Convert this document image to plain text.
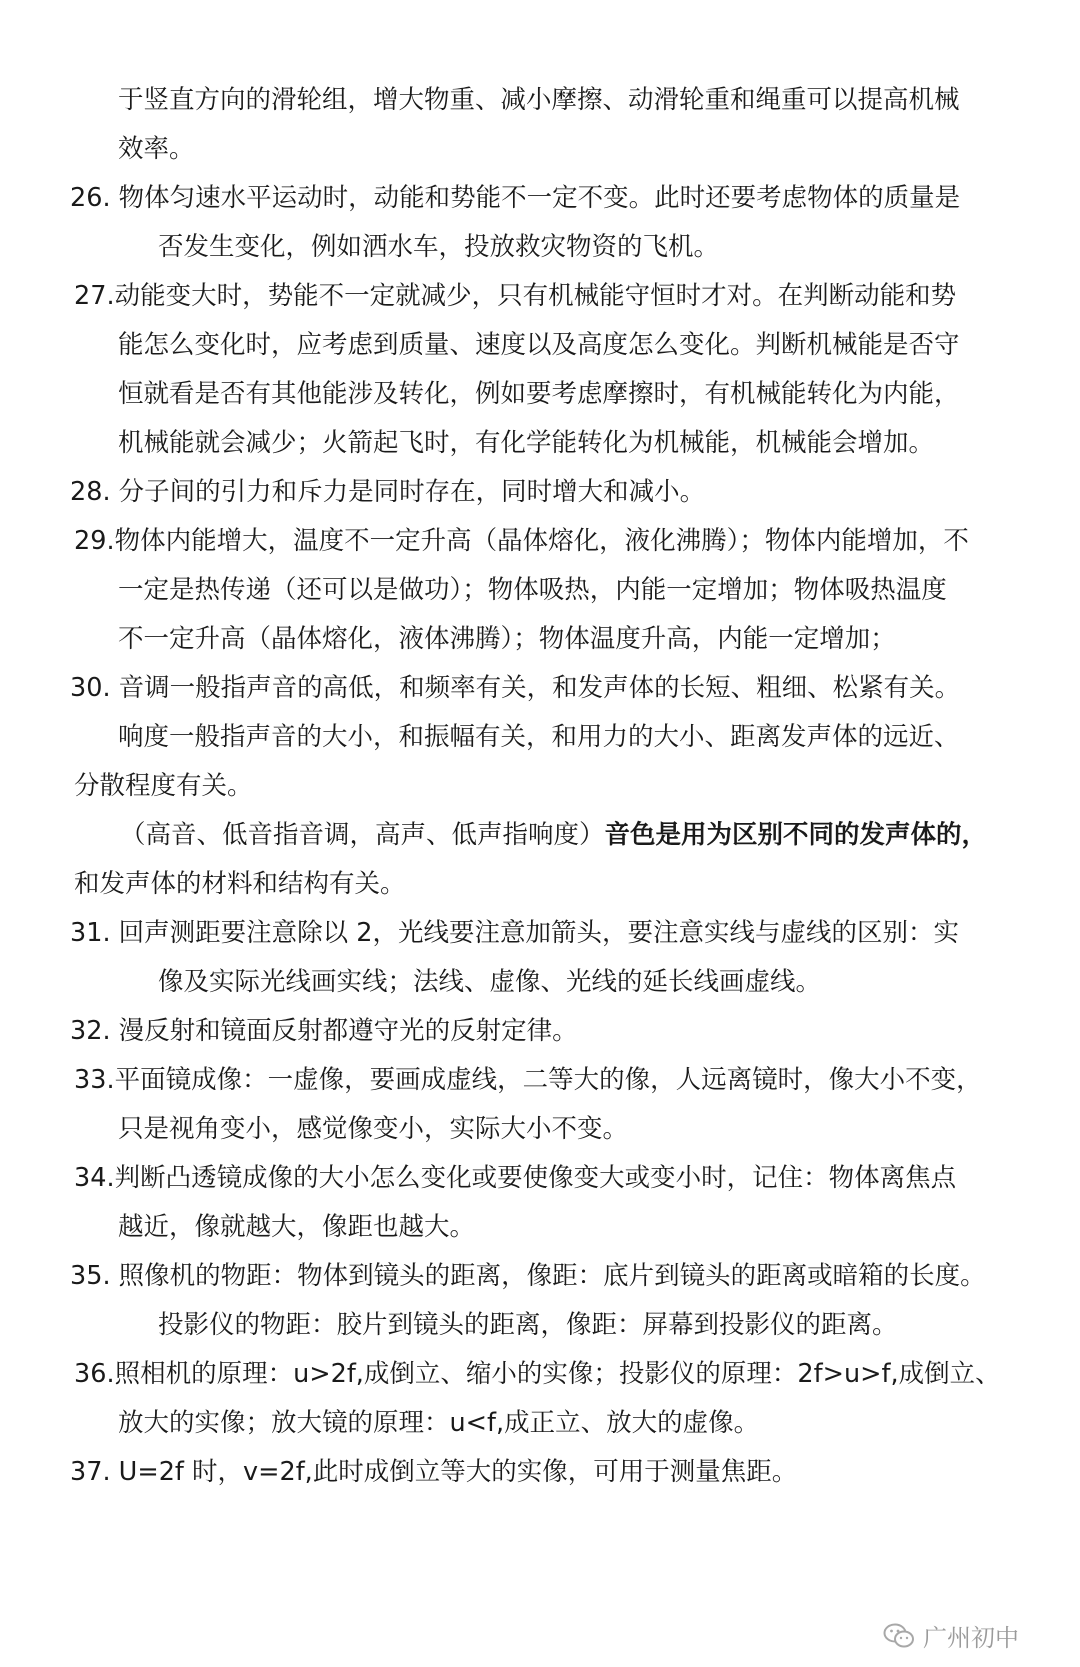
于竖直方向的滑轮组，增大物重、减小摩擦、动滑轮重和绳重可以提高机械
效率。
26. 物体匀速水平运动时，动能和势能不一定不变。此时还要考虑物体的质量是
否发生变化，例如洒水车，投放救灾物资的飞机。
27.动能变大时，势能不一定就减少，只有机械能守恒时才对。在判断动能和势
能怎么变化时，应考虑到质量、速度以及高度怎么变化。判断机械能是否守
恒就看是否有其他能涉及转化，例如要考虑摩擦时，有机械能转化为内能，
机械能就会减少；火箭起飞时，有化学能转化为机械能，机械能会增加。
28. 分子间的引力和斥力是同时存在，同时增大和减小。
29.物体内能增大，温度不一定升高（晶体熔化，液化沸腾）；物体内能增加，不
一定是热传递（还可以是做功）；物体吸热，内能一定增加；物体吸热温度
不一定升高（晶体熔化，液体沸腾）；物体温度升高，内能一定增加；
30. 音调一般指声音的高低，和频率有关，和发声体的长短、粗细、松紧有关。
响度一般指声音的大小，和振幅有关，和用力的大小、距离发声体的远近、
分散程度有关。
（高音、低音指音调，高声、低声指响度）音色是用为区别不同的发声体的，
和发声体的材料和结构有关。
31. 回声测距要注意除以 2，光线要注意加箭头，要注意实线与虚线的区别：实
像及实际光线画实线；法线、虚像、光线的延长线画虚线。
32. 漫反射和镜面反射都遵守光的反射定律。
33.平面镜成像：一虚像，要画成虚线，二等大的像，人远离镜时，像大小不变，
只是视角变小，感觉像变小，实际大小不变。
34.判断凸透镜成像的大小怎么变化或要使像变大或变小时，记住：物体离焦点
越近，像就越大，像距也越大。
35. 照像机的物距：物体到镜头的距离，像距：底片到镜头的距离或暗箱的长度。
投影仪的物距：胶片到镜头的距离，像距：屏幕到投影仪的距离。
36.照相机的原理：u>2f,成倒立、缩小的实像；投影仪的原理：2f>u>f,成倒立、
放大的实像；放大镜的原理：u<f,成正立、放大的虚像。
37. U=2f 时，v=2f,此时成倒立等大的实像，可用于测量焦距。
广州初中
